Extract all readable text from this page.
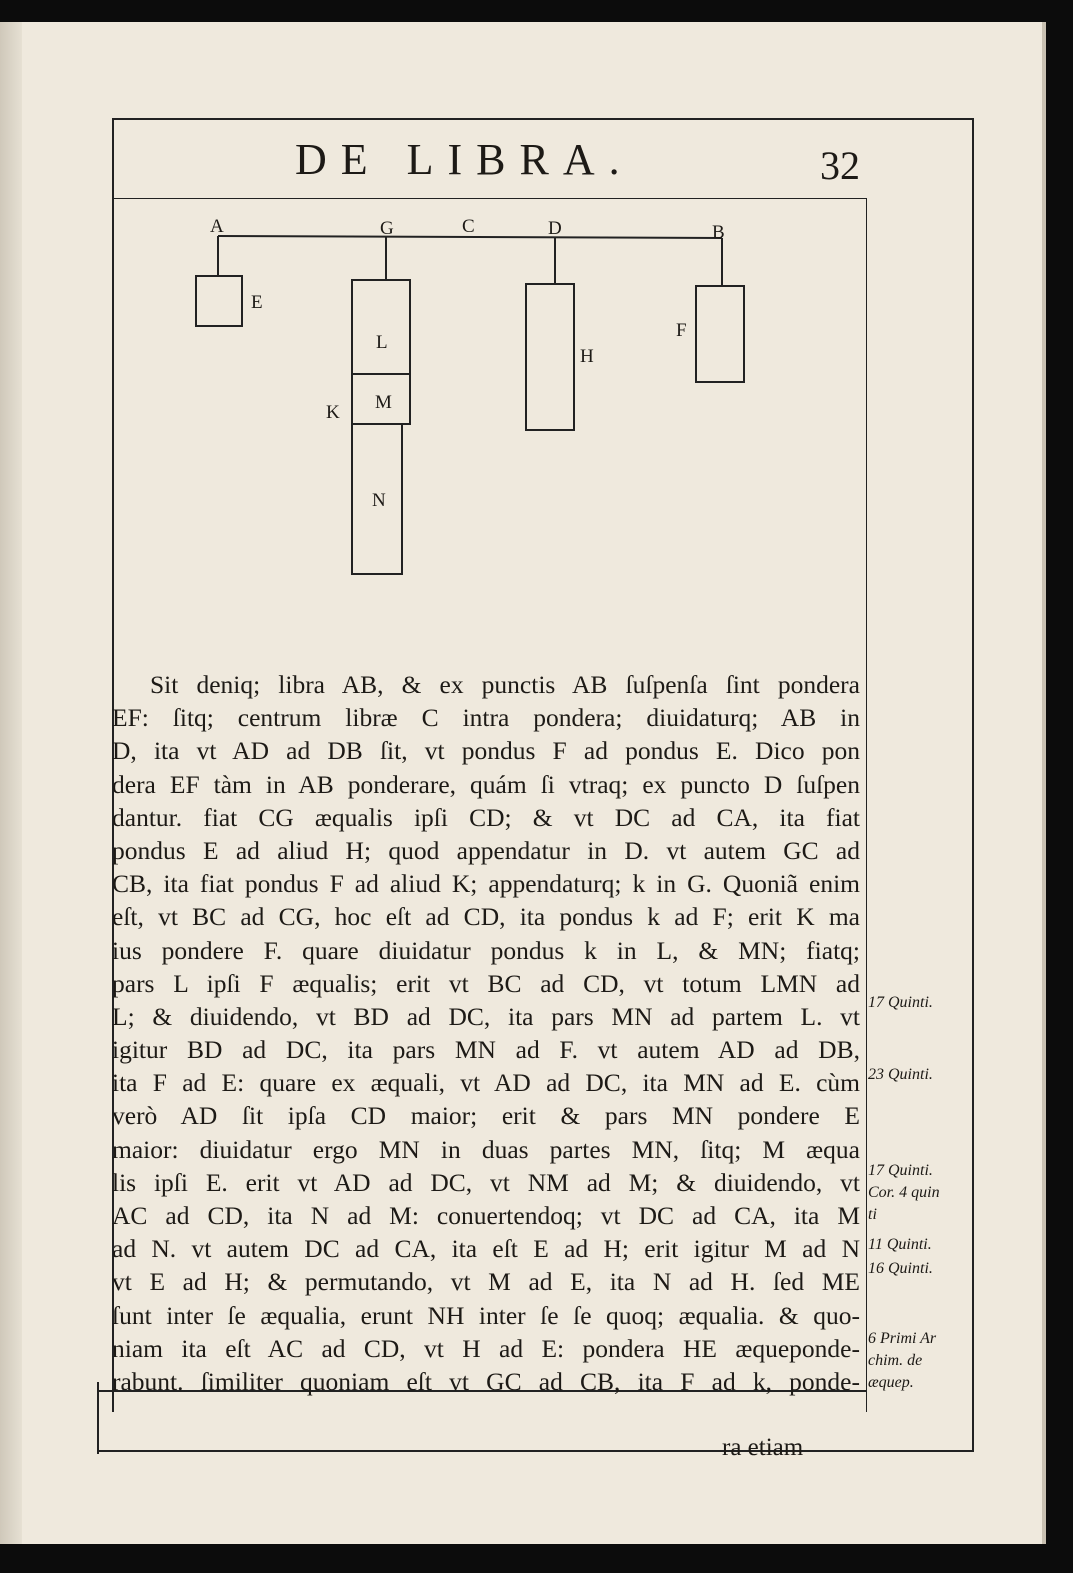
DE LIBRA.	32
A	G	C	D	B
E
L
M
N
K
H
F
Sit deniq; libra AB, & ex punctis AB ſuſpenſa ſint pondera
EF: ſitq; centrum libræ C intra pondera; diuidaturq; AB in
D, ita vt AD ad DB ſit, vt pondus F ad pondus E. Dico pon
dera EF tàm in AB ponderare, quám ſi vtraq; ex puncto D ſuſpen
dantur. fiat CG æqualis ipſi CD; & vt DC ad CA, ita fiat
pondus E ad aliud H; quod appendatur in D. vt autem GC ad
CB, ita fiat pondus F ad aliud K; appendaturq; k in G. Quoniã enim
eſt, vt BC ad CG, hoc eſt ad CD, ita pondus k ad F; erit K ma
ius pondere F. quare diuidatur pondus k in L, & MN; fiatq;
pars L ipſi F æqualis; erit vt BC ad CD, vt totum LMN ad
L; & diuidendo, vt BD ad DC, ita pars MN ad partem L. vt
igitur BD ad DC, ita pars MN ad F. vt autem AD ad DB,
ita F ad E: quare ex æquali, vt AD ad DC, ita MN ad E. cùm
verò AD ſit ipſa CD maior; erit & pars MN pondere E
maior: diuidatur ergo MN in duas partes MN, ſitq; M æqua
lis ipſi E. erit vt AD ad DC, vt NM ad M; & diuidendo, vt
AC ad CD, ita N ad M: conuertendoq; vt DC ad CA, ita M
ad N. vt autem DC ad CA, ita eſt E ad H; erit igitur M ad N
vt E ad H; & permutando, vt M ad E, ita N ad H. ſed ME
ſunt inter ſe æqualia, erunt NH inter ſe ſe quoq; æqualia. & quo-
niam ita eſt AC ad CD, vt H ad E: pondera HE æqueponde-
rabunt. ſimiliter quoniam eſt vt GC ad CB, ita F ad k, ponde-
17 Quinti.
23 Quinti.
17 Quinti.
Cor. 4 quin
ti
11 Quinti.
16 Quinti.
6 Primi Ar
chim. de
æquep.
ra etiam
